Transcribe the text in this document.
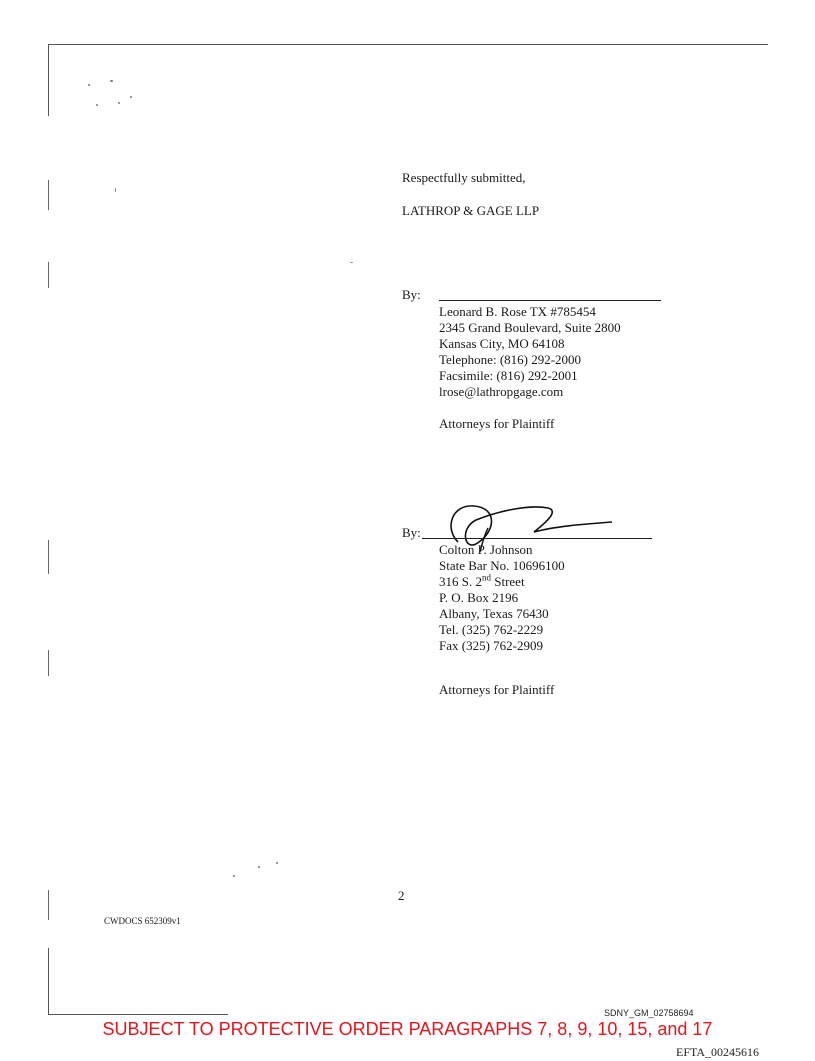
Respectfully submitted,
LATHROP & GAGE LLP
By:
Leonard B. Rose TX #785454
2345 Grand Boulevard, Suite 2800
Kansas City, MO 64108
Telephone: (816) 292-2000
Facsimile: (816) 292-2001
lrose@lathropgage.com
Attorneys for Plaintiff
By:
Colton P. Johnson
State Bar No. 10696100
316 S. 2nd Street
P. O. Box 2196
Albany, Texas 76430
Tel. (325) 762-2229
Fax (325) 762-2909
Attorneys for Plaintiff
2
CWDOCS 652309v1
SDNY_GM_02758694
SUBJECT TO PROTECTIVE ORDER PARAGRAPHS 7, 8, 9, 10, 15, and 17
EFTA_00245616
